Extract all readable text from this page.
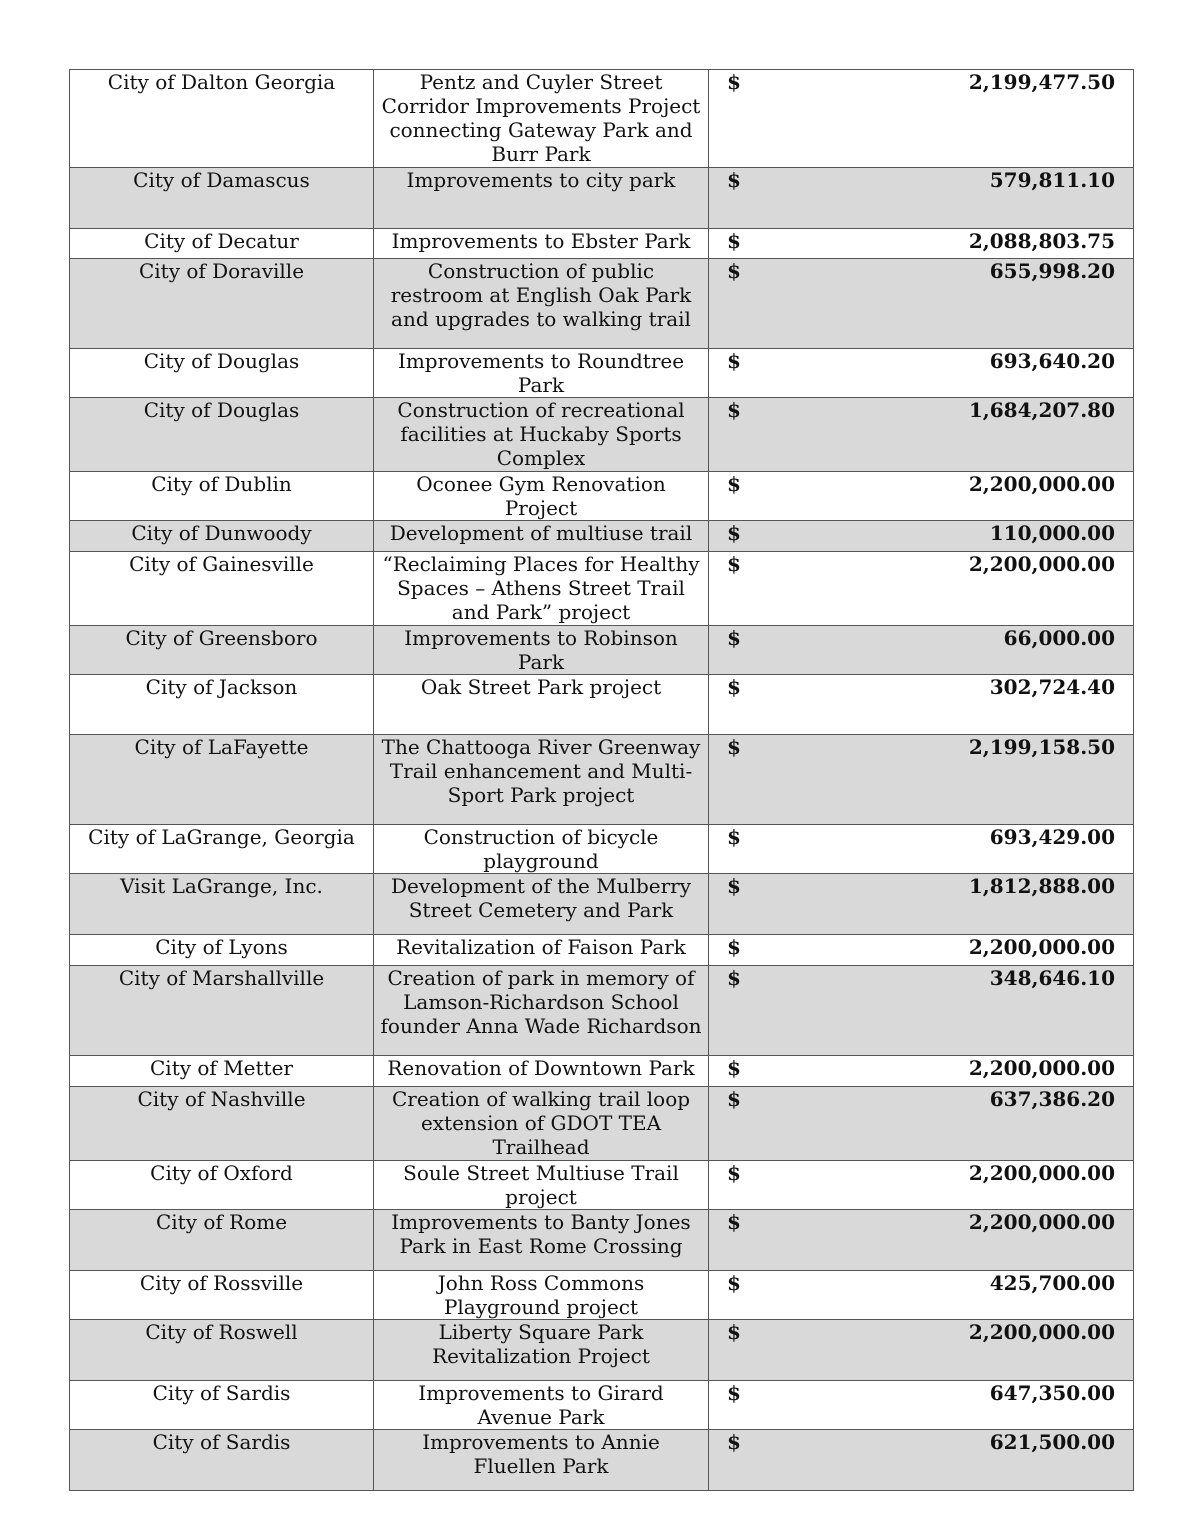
City of Dalton Georgia	Pentz and Cuyler Street Corridor Improvements Project connecting Gateway Park and Burr Park	$ 2,199,477.50

City of Damascus	Improvements to city park	$ 579,811.10

City of Decatur	Improvements to Ebster Park	$ 2,088,803.75

City of Doraville	Construction of public restroom at English Oak Park and upgrades to walking trail	$ 655,998.20

City of Douglas	Improvements to Roundtree Park	$ 693,640.20

City of Douglas	Construction of recreational facilities at Huckaby Sports Complex	$ 1,684,207.80

City of Dublin	Oconee Gym Renovation Project	$ 2,200,000.00

City of Dunwoody	Development of multiuse trail	$ 110,000.00

City of Gainesville	“Reclaiming Places for Healthy Spaces – Athens Street Trail and Park” project	$ 2,200,000.00

City of Greensboro	Improvements to Robinson Park	$ 66,000.00

City of Jackson	Oak Street Park project	$ 302,724.40

City of LaFayette	The Chattooga River Greenway Trail enhancement and Multi-Sport Park project	$ 2,199,158.50

City of LaGrange, Georgia	Construction of bicycle playground	$ 693,429.00

Visit LaGrange, Inc.	Development of the Mulberry Street Cemetery and Park	$ 1,812,888.00

City of Lyons	Revitalization of Faison Park	$ 2,200,000.00

City of Marshallville	Creation of park in memory of Lamson-Richardson School founder Anna Wade Richardson	$ 348,646.10

City of Metter	Renovation of Downtown Park	$ 2,200,000.00

City of Nashville	Creation of walking trail loop extension of GDOT TEA Trailhead	$ 637,386.20

City of Oxford	Soule Street Multiuse Trail project	$ 2,200,000.00

City of Rome	Improvements to Banty Jones Park in East Rome Crossing	$ 2,200,000.00

City of Rossville	John Ross Commons Playground project	$ 425,700.00

City of Roswell	Liberty Square Park Revitalization Project	$ 2,200,000.00

City of Sardis	Improvements to Girard Avenue Park	$ 647,350.00

City of Sardis	Improvements to Annie Fluellen Park	$ 621,500.00
